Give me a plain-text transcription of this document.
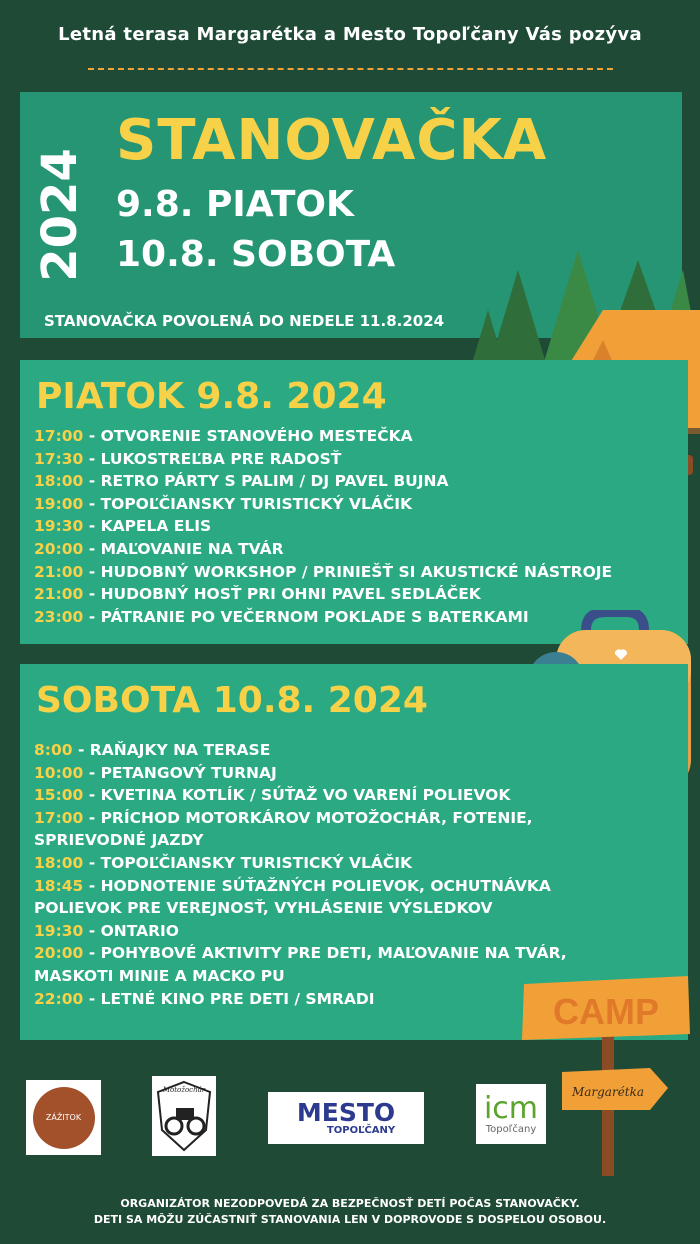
Letná terasa Margarétka a Mesto Topoľčany Vás pozýva
2024
STANOVAČKA
9.8. PIATOK
10.8. SOBOTA
STANOVAČKA POVOLENÁ DO NEDELE 11.8.2024
PIATOK 9.8. 2024
17:00 - OTVORENIE STANOVÉHO MESTEČKA
17:30 - LUKOSTREĽBA PRE RADOSŤ
18:00 - RETRO PÁRTY S PALIM / DJ PAVEL BUJNA
19:00 - TOPOĽČIANSKY TURISTICKÝ VLÁČIK
19:30 - KAPELA ELIS
20:00 - MAĽOVANIE NA TVÁR
21:00 - HUDOBNÝ WORKSHOP / PRINIEŠŤ SI AKUSTICKÉ NÁSTROJE
21:00 - HUDOBNÝ HOSŤ PRI OHNI PAVEL SEDLÁČEK
23:00 - PÁTRANIE PO VEČERNOM POKLADE S BATERKAMI
SOBOTA 10.8. 2024
8:00 - RAŇAJKY NA TERASE
10:00 - PETANGOVÝ TURNAJ
15:00 - KVETINA KOTLÍK / SÚŤAŽ VO VARENÍ POLIEVOK
17:00 - PRÍCHOD MOTORKÁROV MOTOŽOCHÁR, FOTENIE, SPRIEVODNÉ JAZDY
18:00 - TOPOĽČIANSKY TURISTICKÝ VLÁČIK
18:45 - HODNOTENIE SÚŤAŽNÝCH POLIEVOK, OCHUTNÁVKA POLIEVOK PRE VEREJNOSŤ, VYHLÁSENIE VÝSLEDKOV
19:30 - ONTARIO
20:00 - POHYBOVÉ AKTIVITY PRE DETI, MAĽOVANIE NA TVÁR, MASKOTI MINIE A MACKO PU
22:00 - LETNÉ KINO PRE DETI / SMRADI	CAMP
Margarétka
ZÁŽITOK
Motožochár
MESTO
TOPOĽČANY
icm
Topoľčany
ORGANIZÁTOR NEZODPOVEDÁ ZA BEZPEČNOSŤ DETÍ POČAS STANOVAČKY.
DETI SA MÔŽU ZÚČASTNIŤ STANOVANIA LEN V DOPROVODE S DOSPELOU OSOBOU.
